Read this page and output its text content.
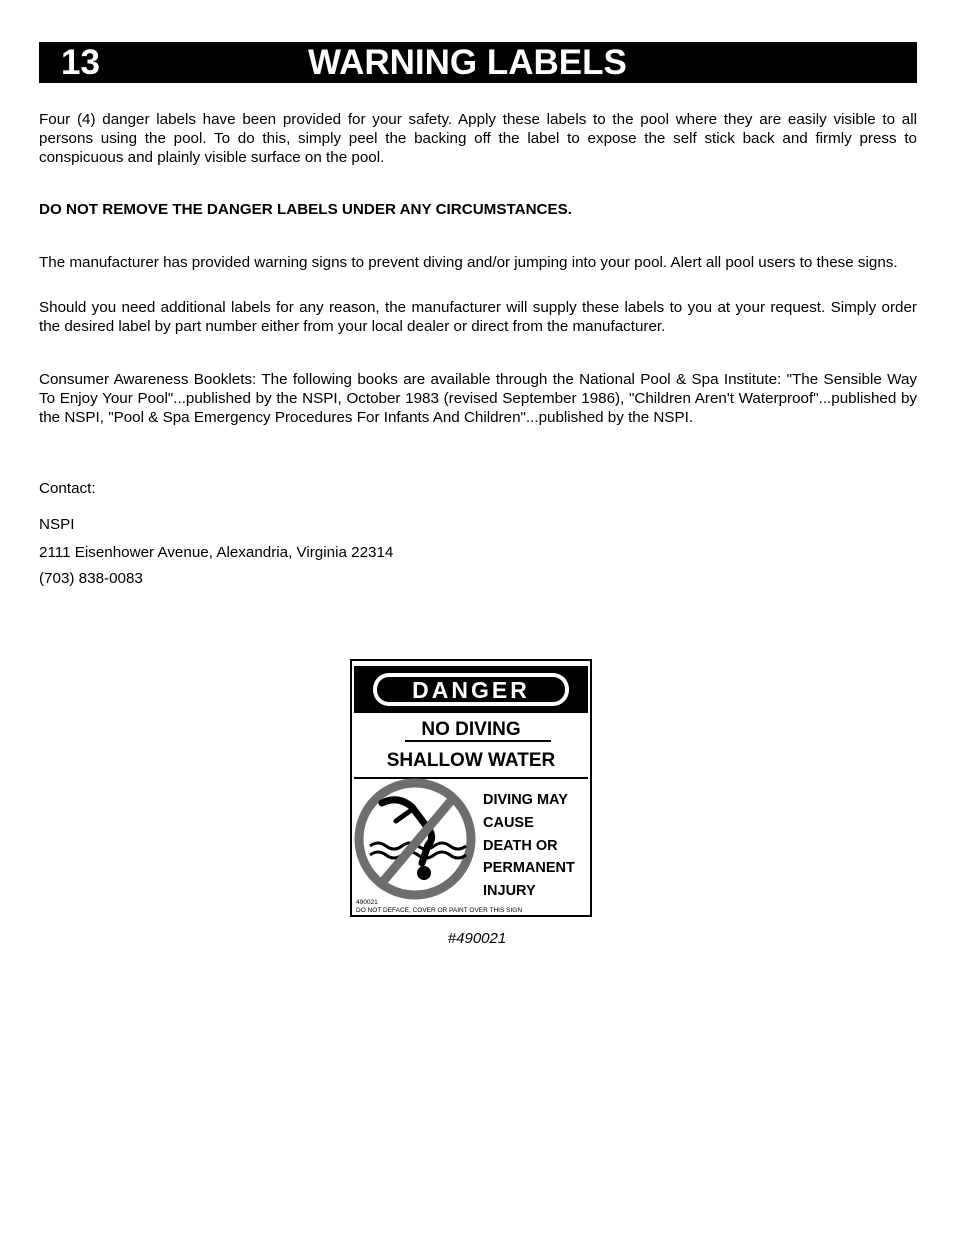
13	WARNING LABELS

Four (4) danger labels have been provided for your safety. Apply these labels to the pool where they are easily visible to all persons using the pool. To do this, simply peel the backing off the label to expose the self stick back and firmly press to conspicuous and plainly visible surface on the pool.

DO NOT REMOVE THE DANGER LABELS UNDER ANY CIRCUMSTANCES.

The manufacturer has provided warning signs to prevent diving and/or jumping into your pool. Alert all pool users to these signs.

Should you need additional labels for any reason, the manufacturer will supply these labels to you at your request. Simply order the desired label by part number either from your local dealer or direct from the manufacturer.

Consumer Awareness Booklets: The following books are available through the National Pool & Spa Institute: "The Sensible Way To Enjoy Your Pool"...published by the NSPI, October 1983 (revised September 1986), "Children Aren't Waterproof"...published by the NSPI, "Pool & Spa Emergency Procedures For Infants And Children"...published by the NSPI.

Contact:

NSPI

2111 Eisenhower Avenue, Alexandria, Virginia 22314

(703) 838-0083

DANGER
NO DIVING
SHALLOW WATER
DIVING MAY
CAUSE
DEATH OR
PERMANENT
INJURY
490021
DO NOT DEFACE, COVER OR PAINT OVER THIS SIGN
#490021
